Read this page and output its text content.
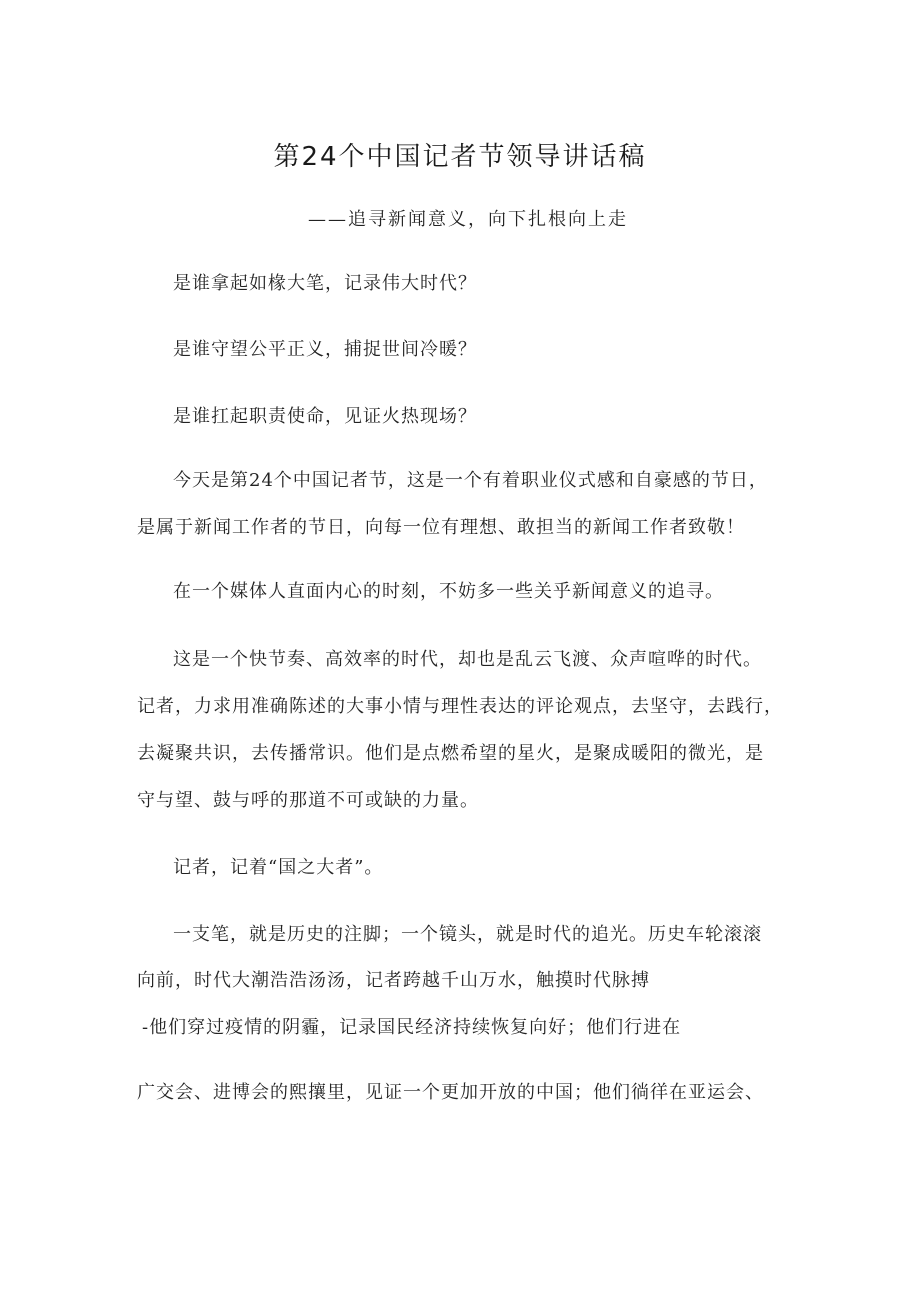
第24个中国记者节领导讲话稿
——追寻新闻意义，向下扎根向上走
是谁拿起如椽大笔，记录伟大时代？
是谁守望公平正义，捕捉世间冷暖？
是谁扛起职责使命，见证火热现场？
今天是第24个中国记者节，这是一个有着职业仪式感和自豪感的节日，
是属于新闻工作者的节日，向每一位有理想、敢担当的新闻工作者致敬！
在一个媒体人直面内心的时刻，不妨多一些关乎新闻意义的追寻。
这是一个快节奏、高效率的时代，却也是乱云飞渡、众声喧哗的时代。
记者，力求用准确陈述的大事小情与理性表达的评论观点，去坚守，去践行，
去凝聚共识，去传播常识。他们是点燃希望的星火，是聚成暖阳的微光，是
守与望、鼓与呼的那道不可或缺的力量。
记者，记着“国之大者”。
一支笔，就是历史的注脚；一个镜头，就是时代的追光。历史车轮滚滚
向前，时代大潮浩浩汤汤，记者跨越千山万水，触摸时代脉搏
-他们穿过疫情的阴霾，记录国民经济持续恢复向好；他们行进在
广交会、进博会的熙攘里，见证一个更加开放的中国；他们徜徉在亚运会、
